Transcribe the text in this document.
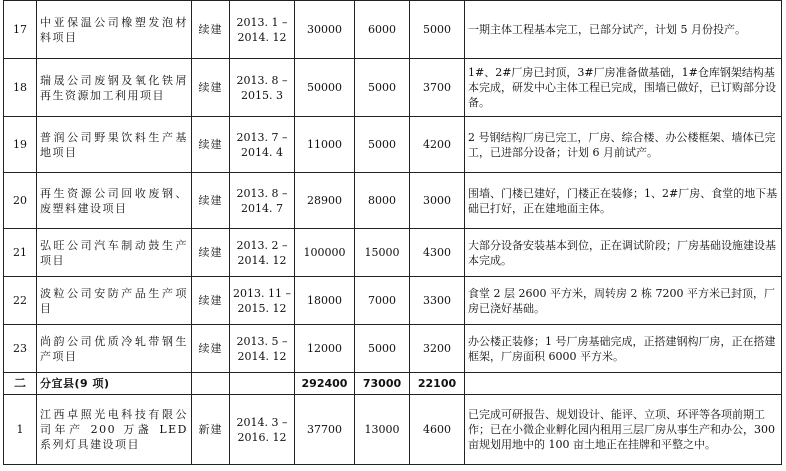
17	中亚保温公司橡塑发泡材料项目	续建	2013. 1 – 2014. 12	30000	6000	5000	一期主体工程基本完工，已部分试产，计划 5 月份投产。
18	瑞晟公司废钢及氧化铁屑再生资源加工利用项目	续建	2013. 8 – 2015. 3	50000	5000	3700	1#、2#厂房已封顶，3#厂房准备做基础，1#仓库钢架结构基本完成，研发中心主体工程已完成，围墙已做好，已订购部分设备。
19	普润公司野果饮料生产基地项目	续建	2013. 7 – 2014. 4	11000	5000	4200	2 号钢结构厂房已完工，厂房、综合楼、办公楼框架、墙体已完工，已进部分设备；计划 6 月前试产。
20	再生资源公司回收废钢、废塑料建设项目	续建	2013. 8 – 2014. 7	28900	8000	3000	围墙、门楼已建好，门楼正在装修；1、2#厂房、食堂的地下基础已打好，正在建地面主体。
21	弘旺公司汽车制动鼓生产项目	续建	2013. 2 – 2014. 12	100000	15000	4300	大部分设备安装基本到位，正在调试阶段；厂房基础设施建设基本完成。
22	波粒公司安防产品生产项目	续建	2013. 11 – 2015. 12	18000	7000	3300	食堂 2 层 2600 平方米，周转房 2 栋 7200 平方米已封顶，厂房已浇好基础。
23	尚韵公司优质冷轧带钢生产项目	续建	2013. 5 – 2014. 12	12000	5000	3200	办公楼正装修；1 号厂房基础完成，正搭建钢构厂房，正在搭建框架，厂房面积 6000 平方米。
二	分宜县(9 项)			292400	73000	22100	
1	江西卓照光电科技有限公司年产 200 万盏 LED 系列灯具建设项目	新建	2014. 3 – 2016. 12	37700	13000	4600	已完成可研报告、规划设计、能评、立项、环评等各项前期工作；已在小微企业孵化园内租用三层厂房从事生产和办公，300 亩规划用地中的 100 亩土地正在挂牌和平整之中。
